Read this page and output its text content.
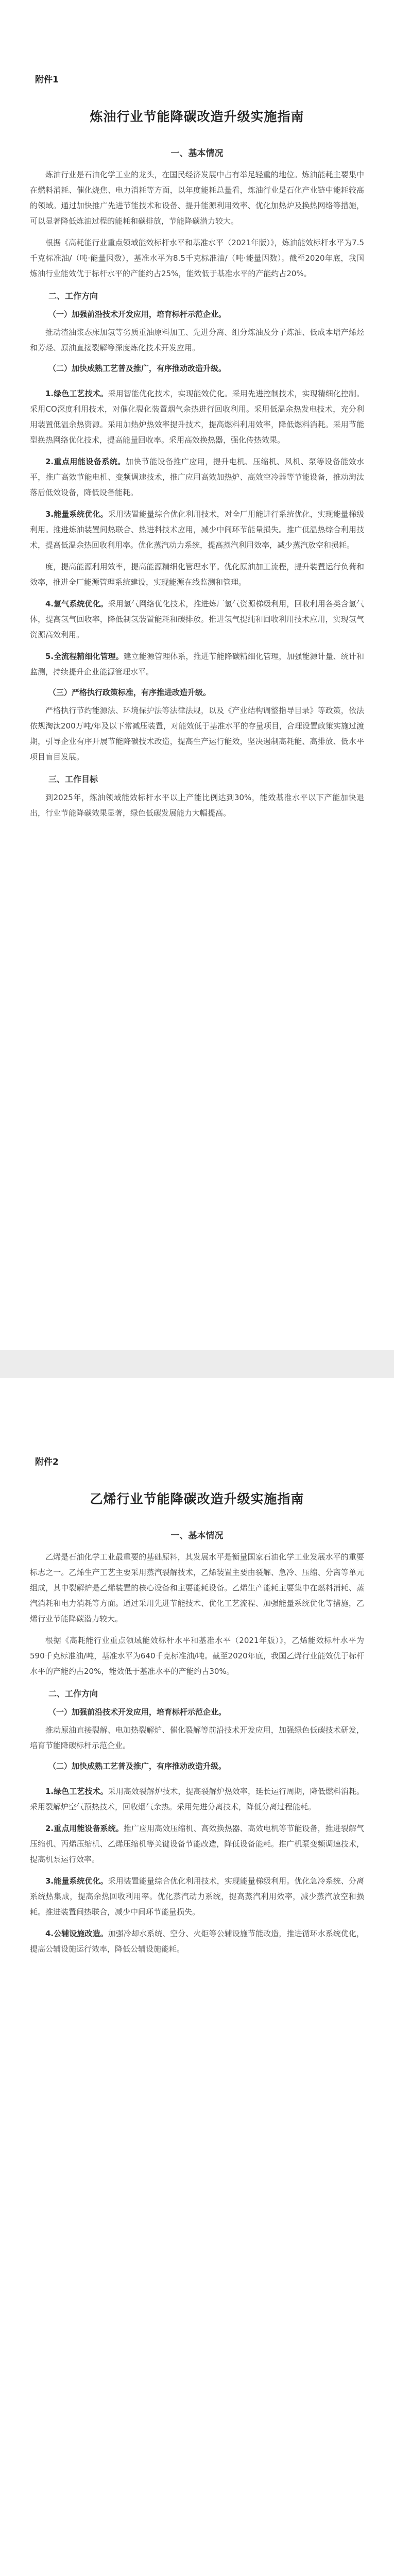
附件1
炼油行业节能降碳改造升级实施指南
一、基本情况

炼油行业是石油化学工业的龙头，在国民经济发展中占有举足轻重的地位。炼油能耗主要集中在燃料消耗、催化烧焦、电力消耗等方面，以年度能耗总量看，炼油行业是石化产业链中能耗较高的领域。通过加快推广先进节能技术和设备、提升能源利用效率、优化加热炉及换热网络等措施，可以显著降低炼油过程的能耗和碳排放，节能降碳潜力较大。

根据《高耗能行业重点领域能效标杆水平和基准水平（2021年版）》，炼油能效标杆水平为7.5千克标准油/（吨·能量因数），基准水平为8.5千克标准油/（吨·能量因数）。截至2020年底，我国炼油行业能效优于标杆水平的产能约占25%，能效低于基准水平的产能约占20%。

二、工作方向
（一）加强前沿技术开发应用，培育标杆示范企业。

推动渣油浆态床加氢等劣质重油原料加工、先进分离、组分炼油及分子炼油、低成本增产烯烃和芳烃、原油直接裂解等深度炼化技术开发应用。

（二）加快成熟工艺普及推广，有序推动改造升级。

1.绿色工艺技术。采用智能优化技术，实现能效优化。采用先进控制技术，实现精细化控制。采用CO深度利用技术，对催化裂化装置烟气余热进行回收利用。采用低温余热发电技术，充分利用装置低温余热资源。采用加热炉热效率提升技术，提高燃料利用效率，降低燃料消耗。采用节能型换热网络优化技术，提高能量回收率。采用高效换热器，强化传热效果。

2.重点用能设备系统。加快节能设备推广应用，提升电机、压缩机、风机、泵等设备能效水平，推广高效节能电机、变频调速技术，推广应用高效加热炉、高效空冷器等节能设备，推动淘汰落后低效设备，降低设备能耗。

3.能量系统优化。采用装置能量综合优化利用技术，对全厂用能进行系统优化，实现能量梯级利用。推进炼油装置间热联合、热进料技术应用，减少中间环节能量损失。推广低温热综合利用技术，提高低温余热回收利用率。优化蒸汽动力系统，提高蒸汽利用效率，减少蒸汽放空和损耗。

度，提高能源利用效率，提高能源精细化管理水平。优化原油加工流程，提升装置运行负荷和效率，推进全厂能源管理系统建设，实现能源在线监测和管理。

4.氢气系统优化。采用氢气网络优化技术，推进炼厂氢气资源梯级利用，回收利用各类含氢气体，提高氢气回收率，降低制氢装置能耗和碳排放。推进氢气提纯和回收利用技术应用，实现氢气资源高效利用。

5.全流程精细化管理。建立能源管理体系，推进节能降碳精细化管理，加强能源计量、统计和监测，持续提升企业能源管理水平。

（三）严格执行政策标准，有序推进改造升级。

严格执行节约能源法、环境保护法等法律法规，以及《产业结构调整指导目录》等政策，依法依规淘汰200万吨/年及以下常减压装置，对能效低于基准水平的存量项目，合理设置政策实施过渡期，引导企业有序开展节能降碳技术改造，提高生产运行能效，坚决遏制高耗能、高排放、低水平项目盲目发展。

三、工作目标

到2025年，炼油领域能效标杆水平以上产能比例达到30%，能效基准水平以下产能加快退出，行业节能降碳效果显著，绿色低碳发展能力大幅提高。

附件2
乙烯行业节能降碳改造升级实施指南
一、基本情况

乙烯是石油化学工业最重要的基础原料，其发展水平是衡量国家石油化学工业发展水平的重要标志之一。乙烯生产工艺主要采用蒸汽裂解技术，乙烯装置主要由裂解、急冷、压缩、分离等单元组成，其中裂解炉是乙烯装置的核心设备和主要能耗设备。乙烯生产能耗主要集中在燃料消耗、蒸汽消耗和电力消耗等方面。通过采用先进节能技术、优化工艺流程、加强能量系统优化等措施，乙烯行业节能降碳潜力较大。

根据《高耗能行业重点领域能效标杆水平和基准水平（2021年版）》，乙烯能效标杆水平为590千克标准油/吨，基准水平为640千克标准油/吨。截至2020年底，我国乙烯行业能效优于标杆水平的产能约占20%，能效低于基准水平的产能约占30%。

二、工作方向
（一）加强前沿技术开发应用，培育标杆示范企业。

推动原油直接裂解、电加热裂解炉、催化裂解等前沿技术开发应用，加强绿色低碳技术研发，培育节能降碳标杆示范企业。

（二）加快成熟工艺普及推广，有序推动改造升级。

1.绿色工艺技术。采用高效裂解炉技术，提高裂解炉热效率，延长运行周期，降低燃料消耗。采用裂解炉空气预热技术，回收烟气余热。采用先进分离技术，降低分离过程能耗。

2.重点用能设备系统。推广应用高效压缩机、高效换热器、高效电机等节能设备，推进裂解气压缩机、丙烯压缩机、乙烯压缩机等关键设备节能改造，降低设备能耗。推广机泵变频调速技术，提高机泵运行效率。

3.能量系统优化。采用装置能量综合优化利用技术，实现能量梯级利用。优化急冷系统、分离系统热集成，提高余热回收利用率。优化蒸汽动力系统，提高蒸汽利用效率，减少蒸汽放空和损耗。推进装置间热联合，减少中间环节能量损失。

4.公辅设施改造。加强冷却水系统、空分、火炬等公辅设施节能改造，推进循环水系统优化，提高公辅设施运行效率，降低公辅设施能耗。
